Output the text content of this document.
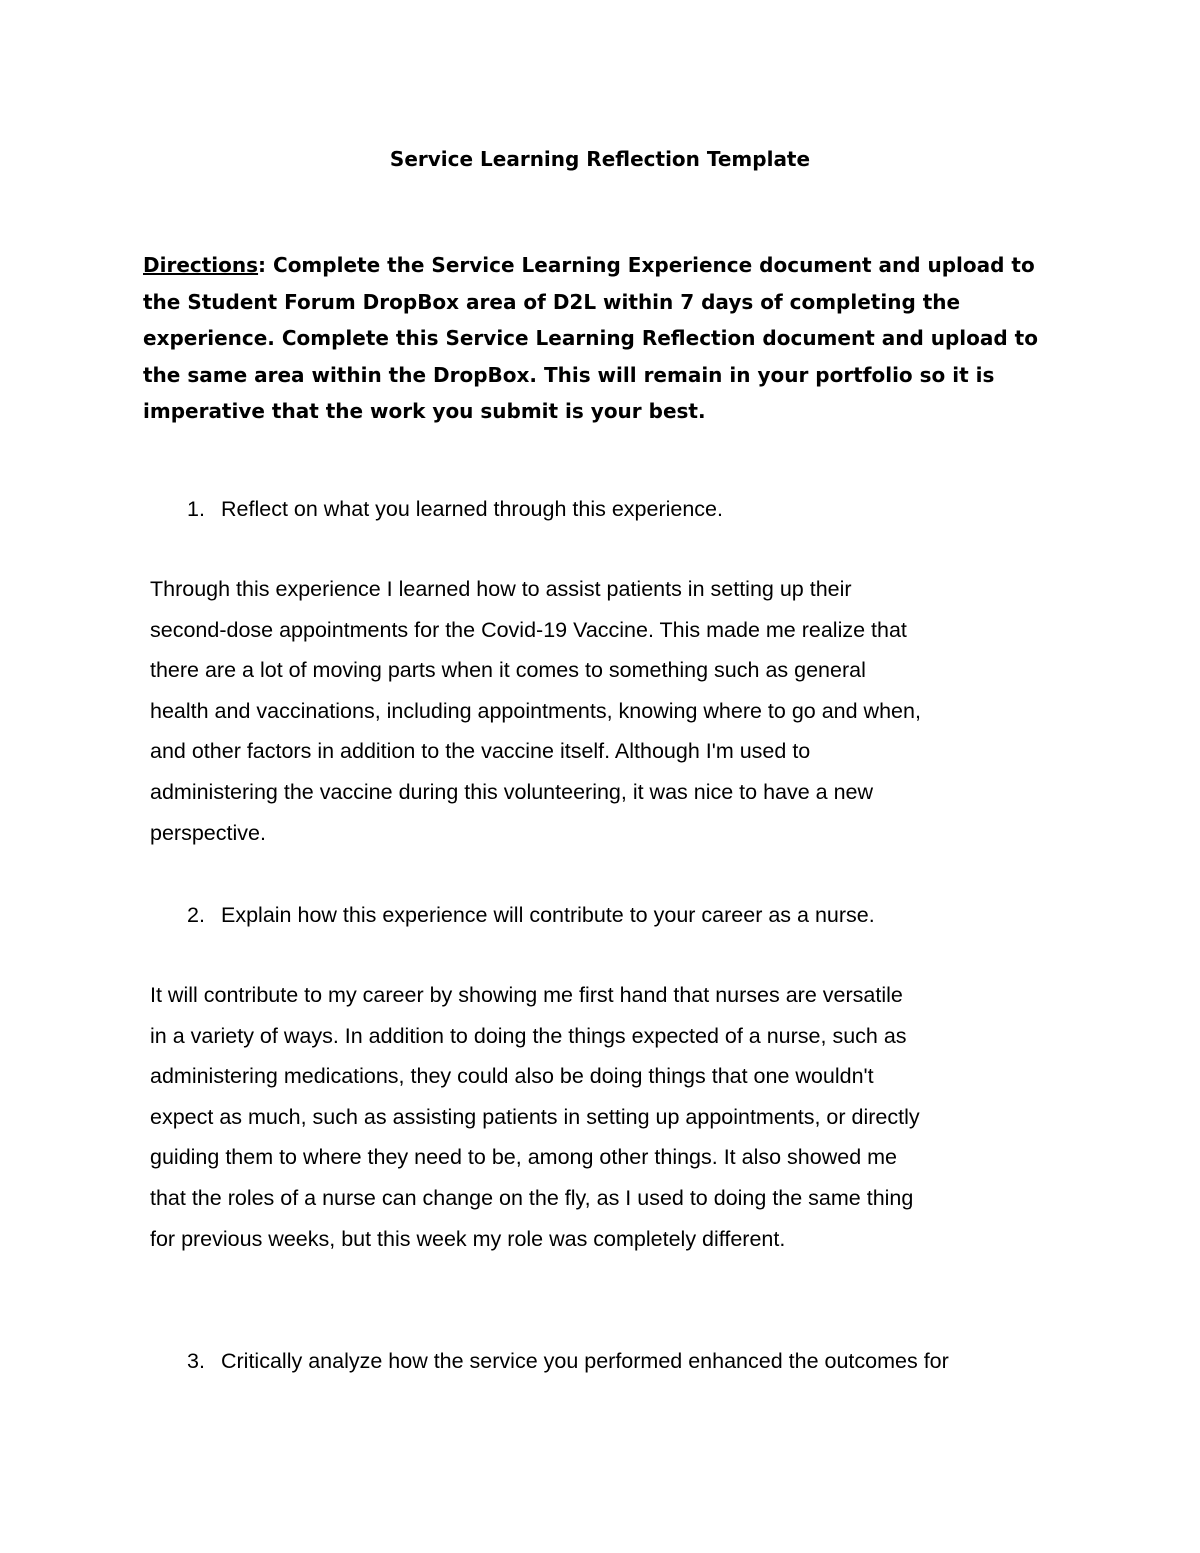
Service Learning Reflection Template

Directions: Complete the Service Learning Experience document and upload to
the Student Forum DropBox area of D2L within 7 days of completing the
experience. Complete this Service Learning Reflection document and upload to
the same area within the DropBox. This will remain in your portfolio so it is
imperative that the work you submit is your best.

1. Reflect on what you learned through this experience.

Through this experience I learned how to assist patients in setting up their
second-dose appointments for the Covid-19 Vaccine. This made me realize that
there are a lot of moving parts when it comes to something such as general
health and vaccinations, including appointments, knowing where to go and when,
and other factors in addition to the vaccine itself. Although I'm used to
administering the vaccine during this volunteering, it was nice to have a new
perspective.

2. Explain how this experience will contribute to your career as a nurse.

It will contribute to my career by showing me first hand that nurses are versatile
in a variety of ways. In addition to doing the things expected of a nurse, such as
administering medications, they could also be doing things that one wouldn't
expect as much, such as assisting patients in setting up appointments, or directly
guiding them to where they need to be, among other things. It also showed me
that the roles of a nurse can change on the fly, as I used to doing the same thing
for previous weeks, but this week my role was completely different.

3. Critically analyze how the service you performed enhanced the outcomes for
